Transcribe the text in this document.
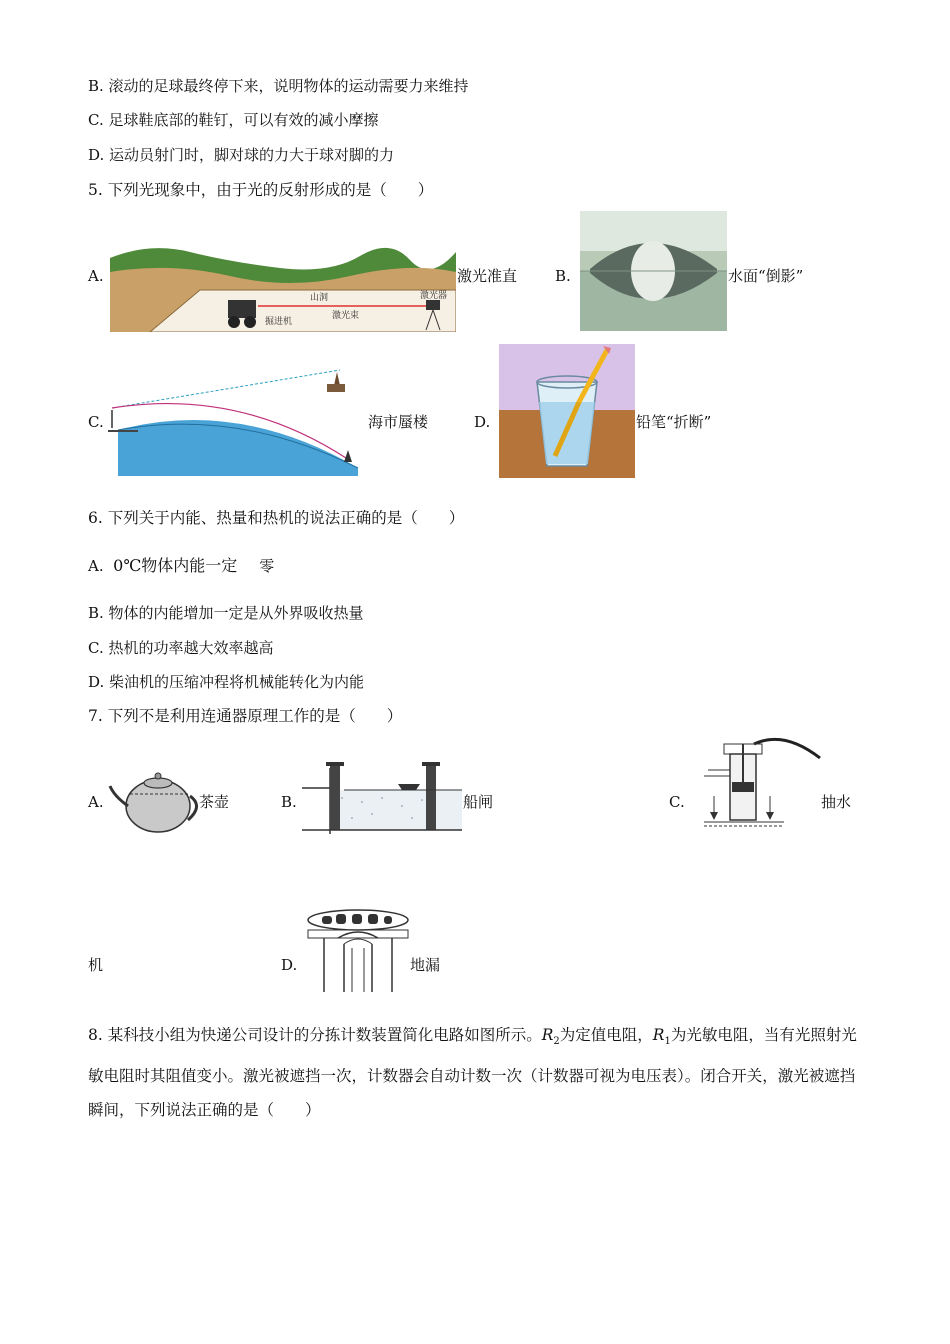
B. 滚动的足球最终停下来，说明物体的运动需要力来维持
C. 足球鞋底部的鞋钉，可以有效的减小摩擦
D. 运动员射门时，脚对球的力大于球对脚的力
5. 下列光现象中，由于光的反射形成的是（　　）
A.
山洞
激光束
激光器
掘进机
激光准直	B.	水面“倒影”
C.	海市蜃楼	D.	铅笔“折断”
6. 下列关于内能、热量和热机的说法正确的是（　　）
A. 0℃物体内能一定 零
B. 物体的内能增加一定是从外界吸收热量
C. 热机的功率越大效率越高
D. 柴油机的压缩冲程将机械能转化为内能
7. 下列不是利用连通器原理工作的是（　　）
A.	茶壶	B.	船闸	C.	抽水
机	D.	地漏
8. 某科技小组为快递公司设计的分拣计数装置简化电路如图所示。$R_2$为定值电阻，$R_1$为光敏电阻，当有光照射光敏电阻时其阻值变小。激光被遮挡一次，计数器会自动计数一次（计数器可视为电压表）。闭合开关，激光被遮挡瞬间，下列说法正确的是（　　）
